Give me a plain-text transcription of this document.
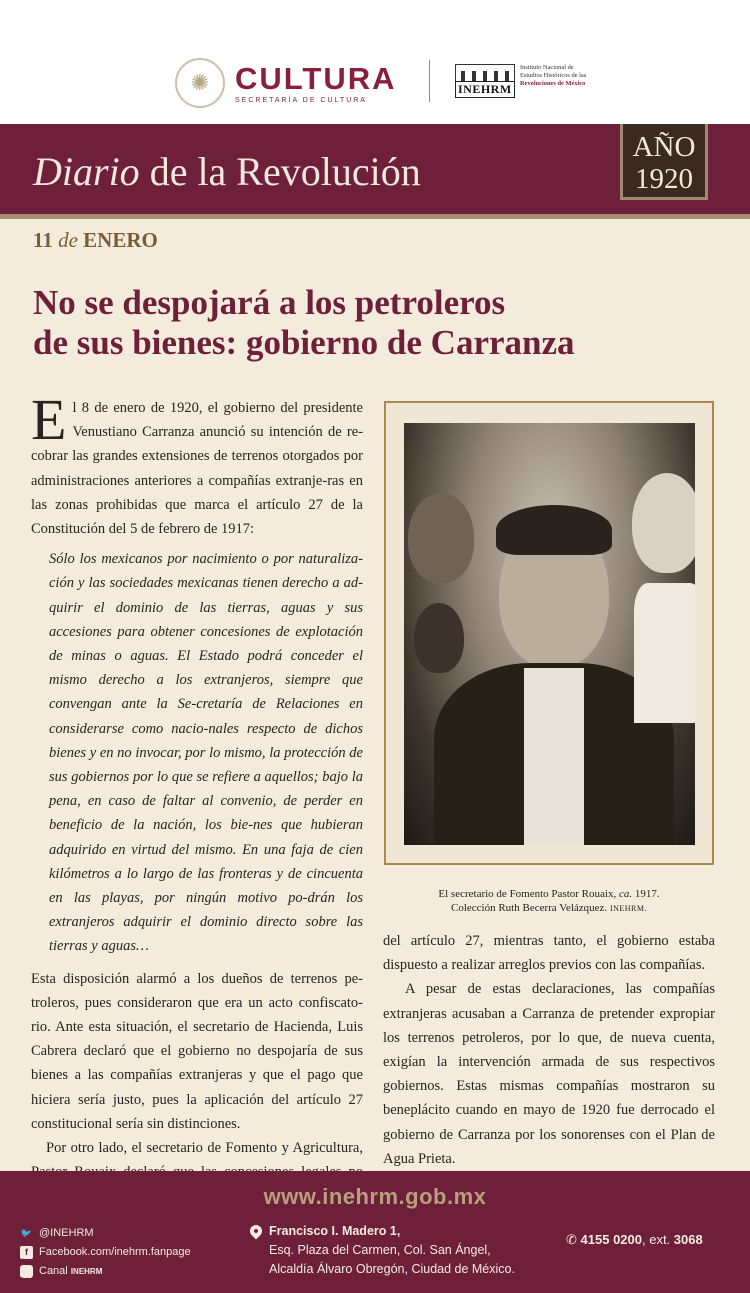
✺ CULTURA
SECRETARÍA DE CULTURA
INEHRM
Instituto Nacional de
Estudios Históricos de las
Revoluciones de México
Diario de la Revolución
AÑO
1920
11 de ENERO
No se despojará a los petroleros
de sus bienes: gobierno de Carranza

El 8 de enero de 1920, el gobierno del presidente Venustiano Carranza anunció su intención de re-cobrar las grandes extensiones de terrenos otorgados por administraciones anteriores a compañías extranje-ras en las zonas prohibidas que marca el artículo 27 de la Constitución del 5 de febrero de 1917:

Sólo los mexicanos por nacimiento o por naturaliza-ción y las sociedades mexicanas tienen derecho a ad-quirir el dominio de las tierras, aguas y sus accesiones para obtener concesiones de explotación de minas o aguas. El Estado podrá conceder el mismo derecho a los extranjeros, siempre que convengan ante la Se-cretaría de Relaciones en considerarse como nacio-nales respecto de dichos bienes y en no invocar, por lo mismo, la protección de sus gobiernos por lo que se refiere a aquellos; bajo la pena, en caso de faltar al convenio, de perder en beneficio de la nación, los bie-nes que hubieran adquirido en virtud del mismo. En una faja de cien kilómetros a lo largo de las fronteras y de cincuenta en las playas, por ningún motivo po-drán los extranjeros adquirir el dominio directo sobre las tierras y aguas…

Esta disposición alarmó a los dueños de terrenos pe-troleros, pues consideraron que era un acto confiscato-rio. Ante esta situación, el secretario de Hacienda, Luis Cabrera declaró que el gobierno no despojaría de sus bienes a las compañías extranjeras y que el pago que hiciera sería justo, pues la aplicación del artículo 27 constitucional sería sin distinciones.

Por otro lado, el secretario de Fomento y Agricultura,

El secretario de Fomento Pastor Rouaix, ca. 1917.
Colección Ruth Becerra Velázquez. INEHRM.

del artículo 27, mientras tanto, el gobierno estaba dispuesto a realizar arreglos previos con las compañías.

A pesar de estas declaraciones, las compañías extranjeras acusaban a Carranza de pretender expropiar los terrenos petroleros, por lo que, de nueva cuenta, exigían la intervención armada de sus respectivos gobiernos. Estas mismas compañías mostraron su beneplácito cuando en mayo de 1920 fue derrocado el gobierno de Carranza por los sonorenses con el Plan de Agua Prieta.

www.inehrm.gob.mx
🐦 @INEHRM
f	Facebook.com/inehrm.fanpage
You Tube
Canal
INEHRM
Francisco I. Madero 1,
Esq. Plaza del Carmen, Col. San Ángel,
Alcaldía Álvaro Obregón, Ciudad de México.
✆ 4155 0200, ext. 3068
